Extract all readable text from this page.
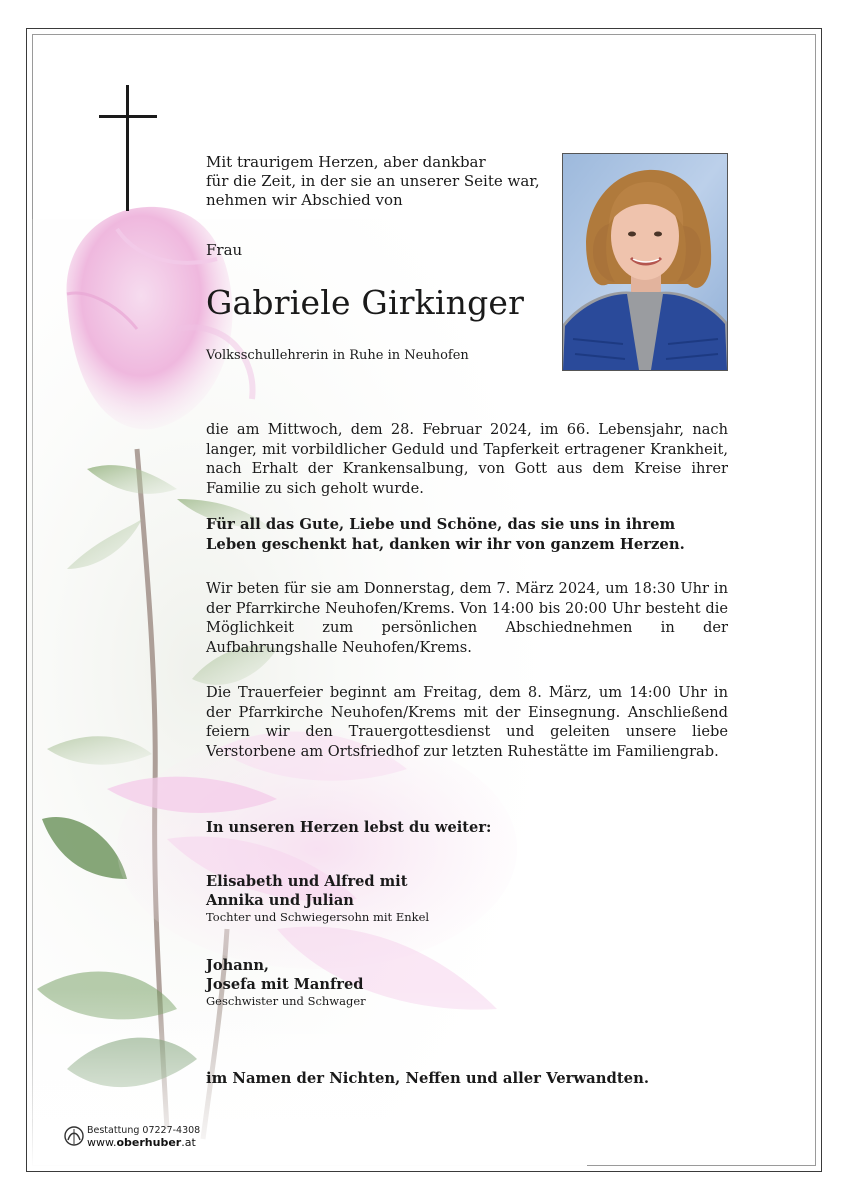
Mit traurigem Herzen, aber dankbar
für die Zeit, in der sie an unserer Seite war,
nehmen wir Abschied von
Frau
Gabriele Girkinger
Volksschullehrerin in Ruhe in Neuhofen
die am Mittwoch, dem 28. Februar 2024, im 66. Lebensjahr, nach langer, mit vorbildlicher Geduld und Tapferkeit ertragener Krankheit, nach Erhalt der Krankensalbung, von Gott aus dem Kreise ihrer Familie zu sich geholt wurde.
Für all das Gute, Liebe und Schöne, das sie uns in ihrem Leben geschenkt hat, danken wir ihr von ganzem Herzen.
Wir beten für sie am Donnerstag, dem 7. März 2024, um 18:30 Uhr in der Pfarrkirche Neuhofen/Krems. Von 14:00 bis 20:00 Uhr besteht die Möglichkeit zum persönlichen Abschiednehmen in der Aufbahrungshalle Neuhofen/Krems.
Die Trauerfeier beginnt am Freitag, dem 8. März, um 14:00 Uhr in der Pfarrkirche Neuhofen/Krems mit der Einsegnung. Anschließend feiern wir den Trauergottesdienst und geleiten unsere liebe Verstorbene am Ortsfriedhof zur letzten Ruhestätte im Familiengrab.
In unseren Herzen lebst du weiter:
Elisabeth und Alfred mit
Annika und Julian
Tochter und Schwiegersohn mit Enkel
Johann,
Josefa mit Manfred
Geschwister und Schwager
im Namen der Nichten, Neffen und aller Verwandten.
Bestattung 07227-4308
www.oberhuber.at
